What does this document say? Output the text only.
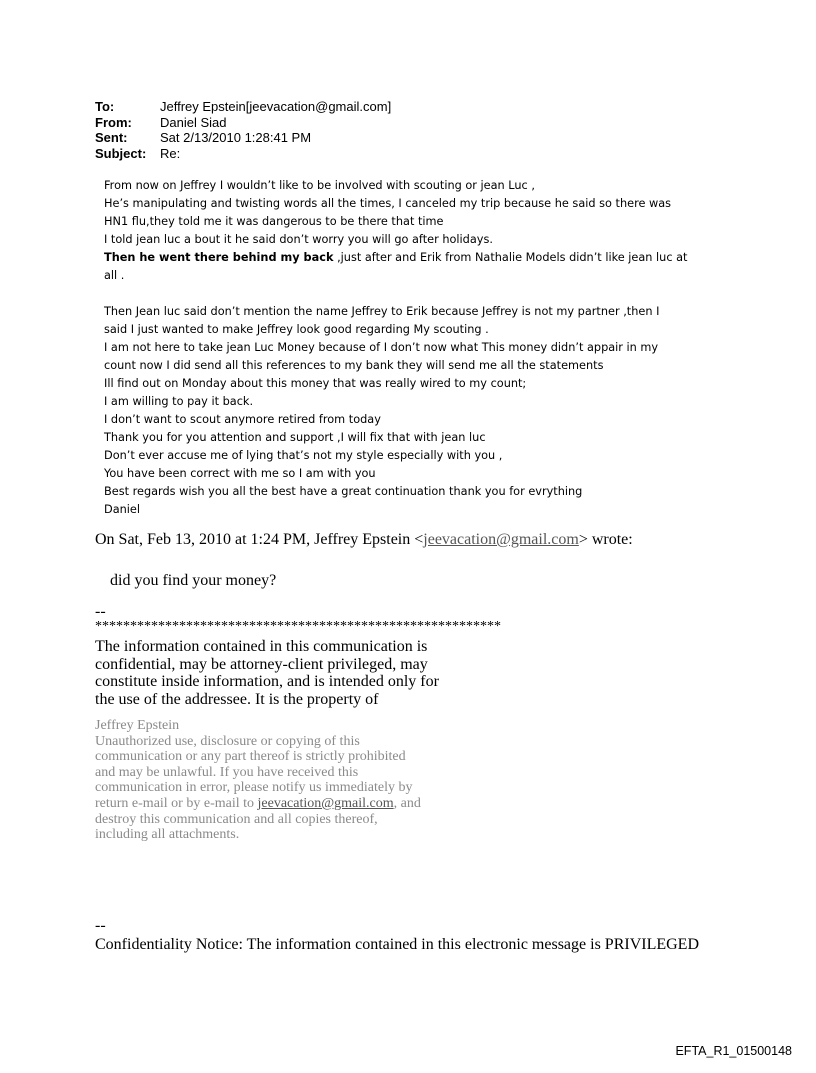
To:	Jeffrey Epstein[jeevacation@gmail.com]
From:	Daniel Siad
Sent:	Sat 2/13/2010 1:28:41 PM
Subject:	Re:

From now on Jeffrey I wouldn’t like to be involved with scouting or jean Luc ,

He’s manipulating and twisting words all the times, I canceled my trip because he said so there was

HN1 flu,they told me it was dangerous to be there that time

I told jean luc a bout it he said don’t worry you will go after holidays.

Then he went there behind my back ,just after and Erik from Nathalie Models didn’t like jean luc at

all .

Then Jean luc said don’t mention the name Jeffrey to Erik because Jeffrey is not my partner ,then I

said I just wanted to make Jeffrey look good regarding My scouting .

I am not here to take jean Luc Money because of I don’t now what This money didn’t appair in my

count now I did send all this references to my bank they will send me all the statements

Ill find out on Monday about this money that was really wired to my count;

I am willing to pay it back.

I don’t want to scout anymore retired from today

Thank you for you attention and support ,I will fix that with jean luc

Don’t ever accuse me of lying that’s not my style especially with you ,

You have been correct with me so I am with you

Best regards wish you all the best have a great continuation thank you for evrything

Daniel

On Sat, Feb 13, 2010 at 1:24 PM, Jeffrey Epstein <jeevacation@gmail.com> wrote:
did you find your money?
--
**********************************************************

The information contained in this communication is

confidential, may be attorney-client privileged, may

constitute inside information, and is intended only for

the use of the addressee. It is the property of

Jeffrey Epstein

Unauthorized use, disclosure or copying of this

communication or any part thereof is strictly prohibited

and may be unlawful. If you have received this

communication in error, please notify us immediately by

return e-mail or by e-mail to jeevacation@gmail.com, and

destroy this communication and all copies thereof,

including all attachments.

--
Confidentiality Notice: The information contained in this electronic message is PRIVILEGED
EFTA_R1_01500148
